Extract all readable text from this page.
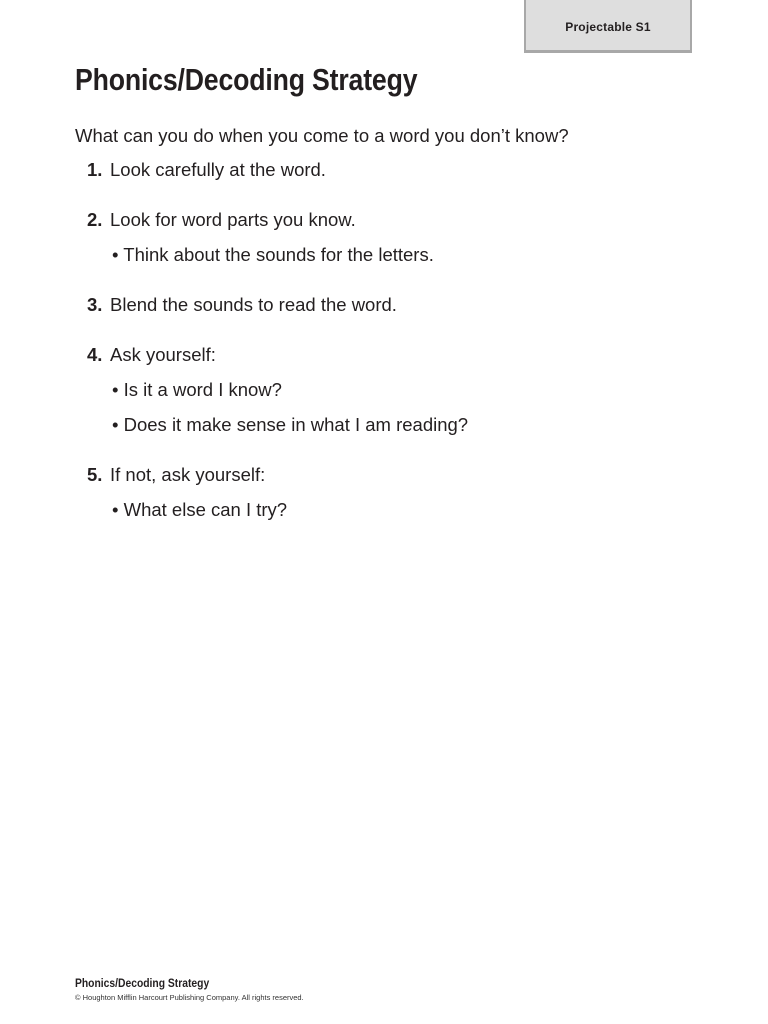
Projectable S1
Phonics/Decoding Strategy

What can you do when you come to a word you don’t know?

1. Look carefully at the word.
2. Look for word parts you know.
• Think about the sounds for the letters.
3. Blend the sounds to read the word.
4. Ask yourself:
• Is it a word I know?
• Does it make sense in what I am reading?
5. If not, ask yourself:
• What else can I try?
Phonics/Decoding Strategy
© Houghton Mifflin Harcourt Publishing Company. All rights reserved.
